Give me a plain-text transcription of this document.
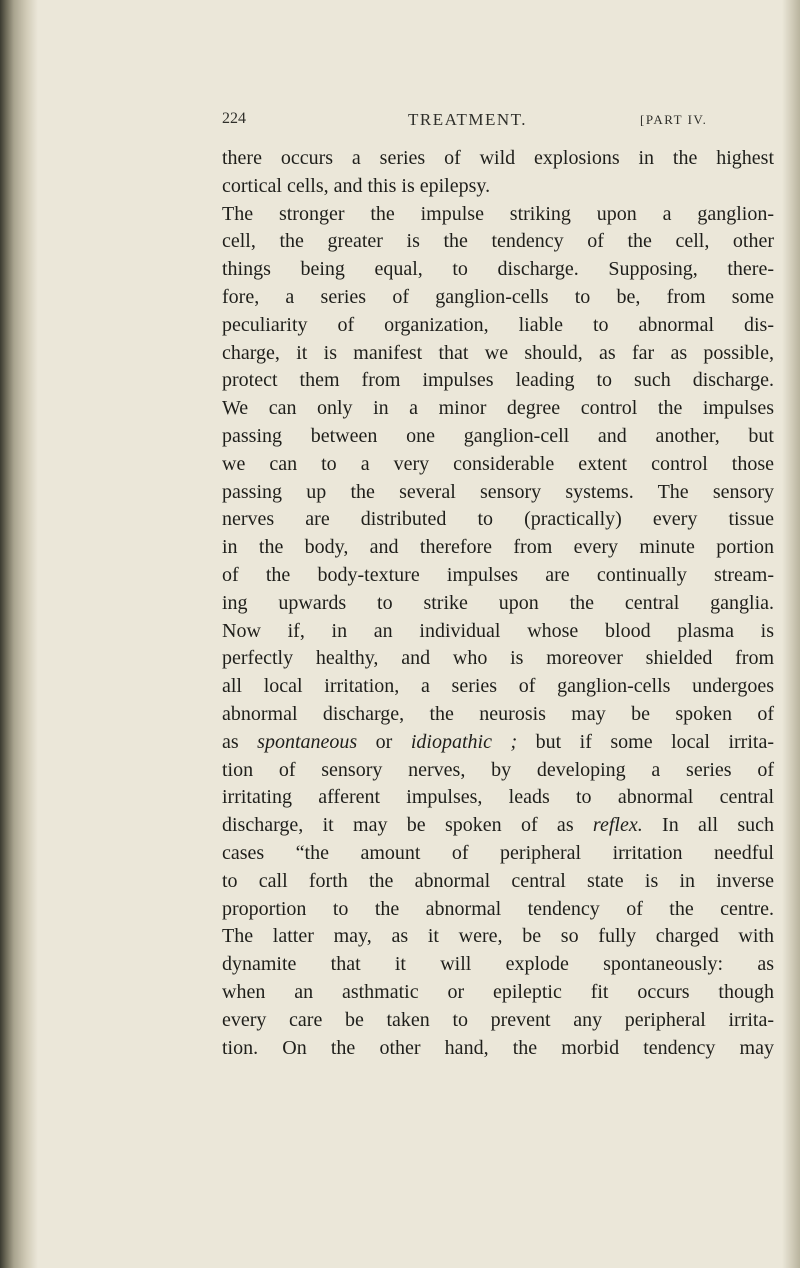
224	TREATMENT.	[PART IV.
there occurs a series of wild explosions in the highest
cortical cells, and this is epilepsy.
The stronger the impulse striking upon a ganglion-
cell, the greater is the tendency of the cell, other
things being equal, to discharge. Supposing, there-
fore, a series of ganglion-cells to be, from some
peculiarity of organization, liable to abnormal dis-
charge, it is manifest that we should, as far as possible,
protect them from impulses leading to such discharge.
We can only in a minor degree control the impulses
passing between one ganglion-cell and another, but
we can to a very considerable extent control those
passing up the several sensory systems. The sensory
nerves are distributed to (practically) every tissue
in the body, and therefore from every minute portion
of the body-texture impulses are continually stream-
ing upwards to strike upon the central ganglia.
Now if, in an individual whose blood plasma is
perfectly healthy, and who is moreover shielded from
all local irritation, a series of ganglion-cells undergoes
abnormal discharge, the neurosis may be spoken of
as spontaneous or idiopathic ; but if some local irrita-
tion of sensory nerves, by developing a series of
irritating afferent impulses, leads to abnormal central
discharge, it may be spoken of as reflex. In all such
cases “the amount of peripheral irritation needful
to call forth the abnormal central state is in inverse
proportion to the abnormal tendency of the centre.
The latter may, as it were, be so fully charged with
dynamite that it will explode spontaneously: as
when an asthmatic or epileptic fit occurs though
every care be taken to prevent any peripheral irrita-
tion. On the other hand, the morbid tendency may
